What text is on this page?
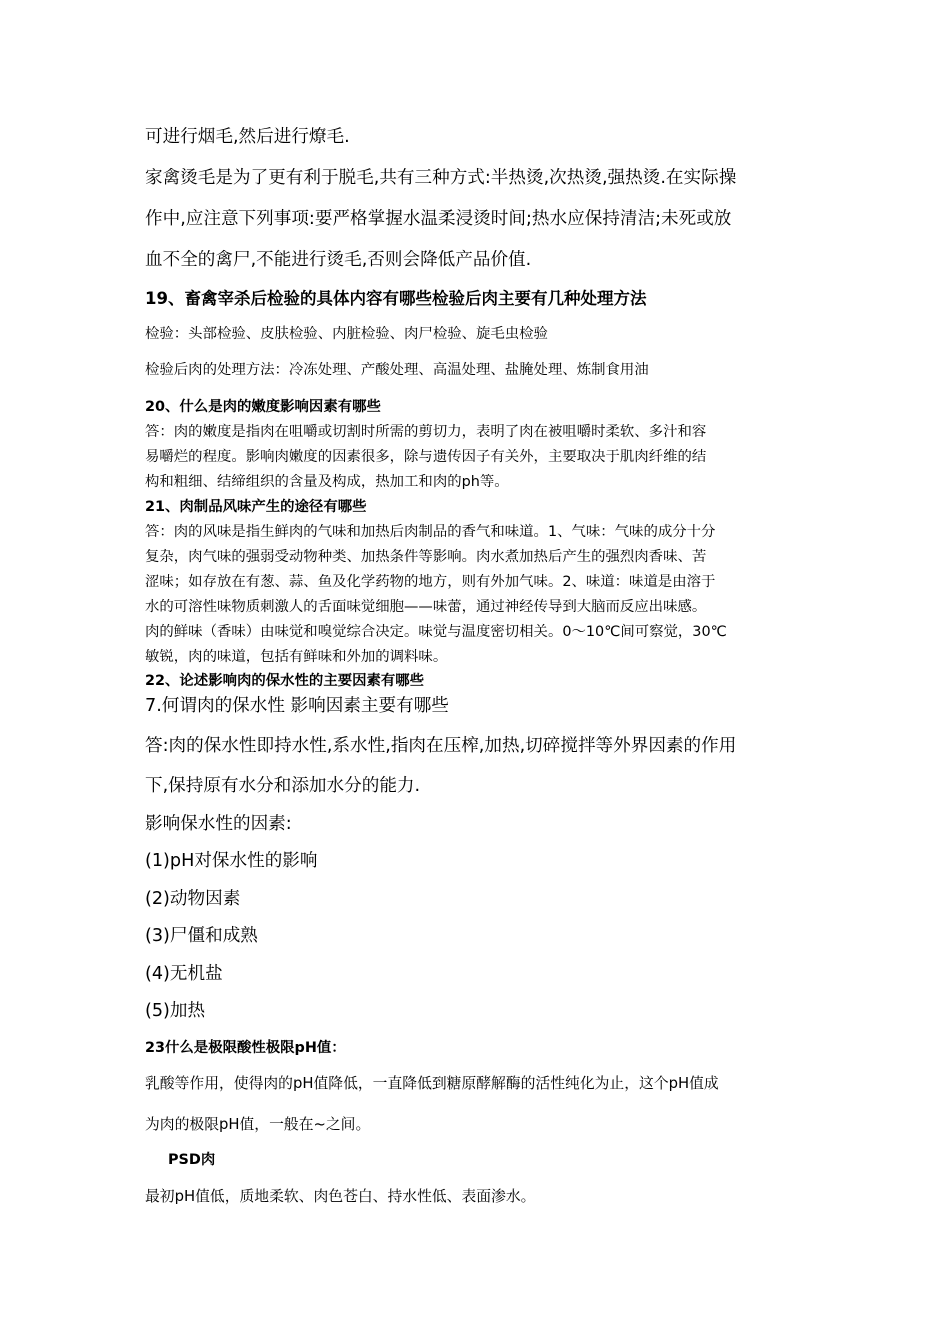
可进行烟毛,然后进行燎毛.

家禽烫毛是为了更有利于脱毛,共有三种方式:半热烫,次热烫,强热烫.在实际操

作中,应注意下列事项:要严格掌握水温柔浸烫时间;热水应保持清洁;未死或放

血不全的禽尸,不能进行烫毛,否则会降低产品价值.

19、畜禽宰杀后检验的具体内容有哪些检验后肉主要有几种处理方法

检验：头部检验、皮肤检验、内脏检验、肉尸检验、旋毛虫检验

检验后肉的处理方法：冷冻处理、产酸处理、高温处理、盐腌处理、炼制食用油

20、什么是肉的嫩度影响因素有哪些

答：肉的嫩度是指肉在咀嚼或切割时所需的剪切力，表明了肉在被咀嚼时柔软、多汁和容

易嚼烂的程度。影响肉嫩度的因素很多，除与遗传因子有关外，主要取决于肌肉纤维的结

构和粗细、结缔组织的含量及构成，热加工和肉的ph等。

21、肉制品风味产生的途径有哪些

答：肉的风味是指生鲜肉的气味和加热后肉制品的香气和味道。1、气味：气味的成分十分

复杂，肉气味的强弱受动物种类、加热条件等影响。肉水煮加热后产生的强烈肉香味、苦

涩味；如存放在有葱、蒜、鱼及化学药物的地方，则有外加气味。2、味道：味道是由溶于

水的可溶性味物质刺激人的舌面味觉细胞——味蕾，通过神经传导到大脑而反应出味感。

肉的鲜味（香味）由味觉和嗅觉综合决定。味觉与温度密切相关。0～10℃间可察觉，30℃

敏锐，肉的味道，包括有鲜味和外加的调料味。

22、论述影响肉的保水性的主要因素有哪些

7.何谓肉的保水性 影响因素主要有哪些

答:肉的保水性即持水性,系水性,指肉在压榨,加热,切碎搅拌等外界因素的作用

下,保持原有水分和添加水分的能力.

影响保水性的因素:

(1)pH对保水性的影响

(2)动物因素

(3)尸僵和成熟

(4)无机盐

(5)加热

23什么是极限酸性极限pH值：

乳酸等作用，使得肉的pH值降低，一直降低到糖原酵解酶的活性纯化为止，这个pH值成

为肉的极限pH值，一般在~之间。

PSD肉

最初pH值低，质地柔软、肉色苍白、持水性低、表面渗水。
